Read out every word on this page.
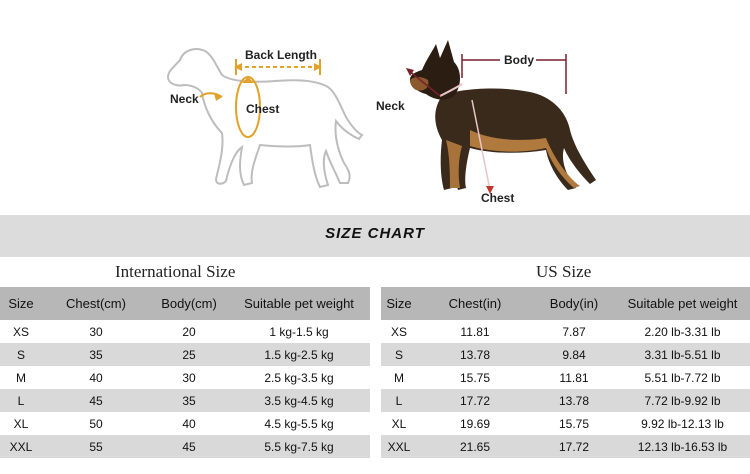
Back Length
Neck
Chest
Body
Neck
Chest
SIZE CHART
International Size	US Size
Size	Chest(cm)	Body(cm)	Suitable pet weight
XS	30	20	1 kg-1.5 kg
S	35	25	1.5 kg-2.5 kg
M	40	30	2.5 kg-3.5 kg
L	45	35	3.5 kg-4.5 kg
XL	50	40	4.5 kg-5.5 kg
XXL	55	45	5.5 kg-7.5 kg
Size	Chest(in)	Body(in)	Suitable pet weight
XS	11.81	7.87	2.20 lb-3.31 lb
S	13.78	9.84	3.31 lb-5.51 lb
M	15.75	11.81	5.51 lb-7.72 lb
L	17.72	13.78	7.72 lb-9.92 lb
XL	19.69	15.75	9.92 lb-12.13 lb
XXL	21.65	17.72	12.13 lb-16.53 lb
